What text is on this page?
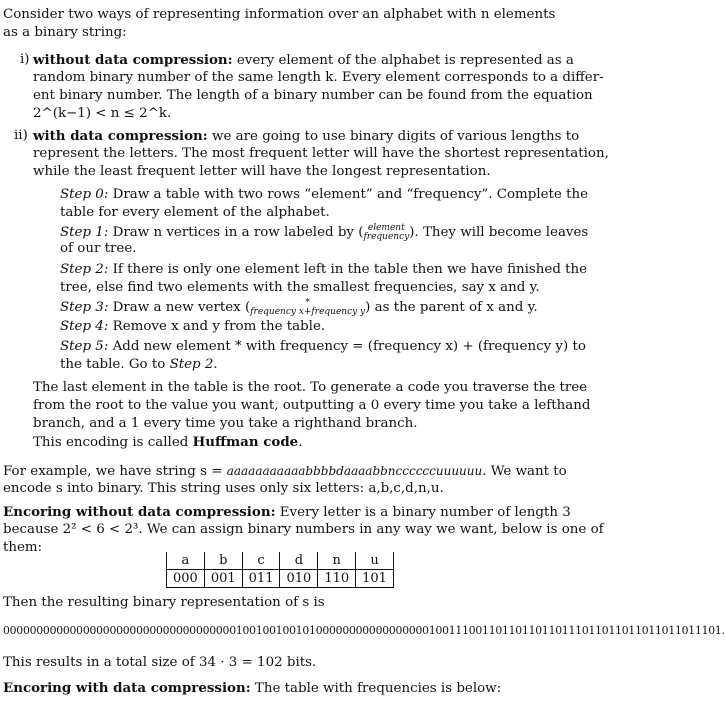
Consider two ways of representing information over an alphabet with n elements as a binary string:

i) without data compression: every element of the alphabet is represented as a

random binary number of the same length k. Every element corresponds to a differ-

ent binary number. The length of a binary number can be found from the equation

2^(k−1) < n ≤ 2^k.

ii) with data compression: we are going to use binary digits of various lengths to

represent the letters. The most frequent letter will have the shortest representation,

while the least frequent letter will have the longest representation.

Step 0: Draw a table with two rows “element” and “frequency”. Complete the

table for every element of the alphabet.

Step 1: Draw n vertices in a row labeled by ( element
frequency ). They will become leaves

of our tree.

Step 2: If there is only one element left in the table then we have finished the

tree, else find two elements with the smallest frequencies, say x and y.

Step 3: Draw a new vertex (	*
frequency x+frequency y ) as the parent of x and y.

Step 4: Remove x and y from the table.

Step 5: Add new element * with frequency = (frequency x) + (frequency y) to

the table. Go to Step 2.

The last element in the table is the root. To generate a code you traverse the tree

from the root to the value you want, outputting a 0 every time you take a lefthand

branch, and a 1 every time you take a righthand branch.

This encoding is called Huffman code.

For example, we have string s = aaaaaaaaaaabbbbdaaaabbnccccccuuuuuu. We want to

encode s into binary. This string uses only six letters: a,b,c,d,n,u.

Encoring without data compression: Every letter is a binary number of length 3

because 2² < 6 < 2³. We can assign binary numbers in any way we want, below is one of

them:

a	b	c	d	n	u
000	001	011	010	110	101

Then the resulting binary representation of s is

000000000000000000000000000000000001001001001010000000000000000010011100110110110110111011011011011011011101.

This results in a total size of 34 · 3 = 102 bits.

Encoring with data compression: The table with frequencies is below:
